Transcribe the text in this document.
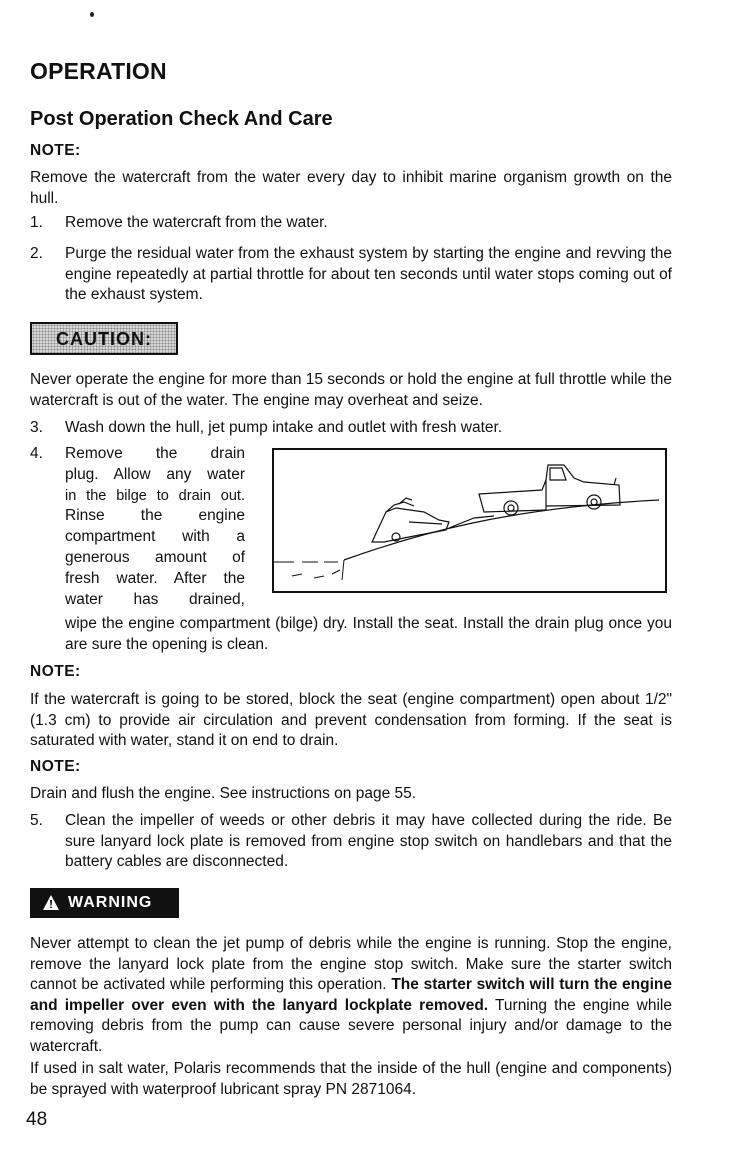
OPERATION
Post Operation Check And Care
NOTE:

Remove the watercraft from the water every day to inhibit marine organism growth on the hull.

1. Remove the watercraft from the water.
2. Purge the residual water from the exhaust system by starting the engine and revving the engine repeatedly at partial throttle for about ten seconds until water stops coming out of the exhaust system.
CAUTION:

Never operate the engine for more than 15 seconds or hold the engine at full throttle while the watercraft is out of the water. The engine may overheat and seize.

3. Wash down the hull, jet pump intake and outlet with fresh water.
4. Remove the drain
plug. Allow any water
in the bilge to drain out.
Rinse the engine
compartment with a
generous amount of
fresh water. After the
water has drained,
wipe the engine compartment (bilge) dry. Install the seat. Install the drain plug once you are sure the opening is clean.
NOTE:

If the watercraft is going to be stored, block the seat (engine compartment) open about 1/2" (1.3 cm) to provide air circulation and prevent condensation from forming. If the seat is saturated with water, stand it on end to drain.

NOTE:

Drain and flush the engine. See instructions on page 55.

5. Clean the impeller of weeds or other debris it may have collected during the ride. Be sure lanyard lock plate is removed from engine stop switch on handlebars and that the battery cables are disconnected.
WARNING

Never attempt to clean the jet pump of debris while the engine is running. Stop the engine, remove the lanyard lock plate from the engine stop switch. Make sure the starter switch cannot be activated while performing this operation. The starter switch will turn the engine and impeller over even with the lanyard lockplate removed. Turning the engine while removing debris from the pump can cause severe personal injury and/or damage to the watercraft.

If used in salt water, Polaris recommends that the inside of the hull (engine and components) be sprayed with waterproof lubricant spray PN 2871064.

48
